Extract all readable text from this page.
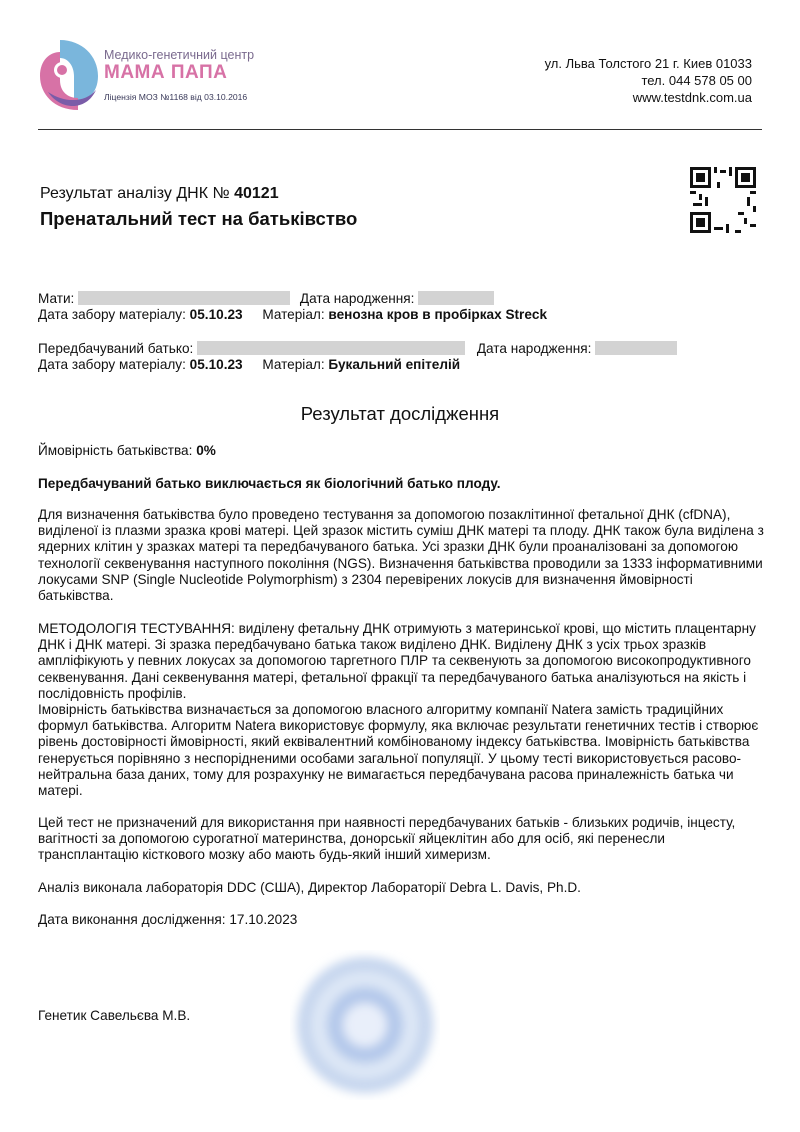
Медико-генетичний центр
МАМА ПАПА
Ліцензія МОЗ №1168 від 03.10.2016
ул. Льва Толстого 21 г. Киев 01033
тел. 044 578 05 00
www.testdnk.com.ua
Результат аналізу ДНК № 40121
Пренатальний тест на батьківство
Мати:	Дата народження:
Дата забору матеріалу: 05.10.23 Матеріал: венозна кров в пробірках Streck
Передбачуваний батько:	Дата народження:
Дата забору матеріалу: 05.10.23 Матеріал: Букальний епітелій
Результат дослідження
Ймовірність батьківства: 0%
Передбачуваний батько виключається як біологічний батько плоду.

Для визначення батьківства було проведено тестування за допомогою позаклітинної фетальної ДНК (cfDNA), виділеної із плазми зразка крові матері. Цей зразок містить суміш ДНК матері та плоду. ДНК також була виділена з ядерних клітин у зразках матері та передбачуваного батька. Усі зразки ДНК були проаналізовані за допомогою технології секвенування наступного покоління (NGS). Визначення батьківства проводили за 1333 інформативними локусами SNP (Single Nucleotide Polymorphism) з 2304 перевірених локусів для визначення ймовірності батьківства.

МЕТОДОЛОГІЯ ТЕСТУВАННЯ: виділену фетальну ДНК отримують з материнської крові, що містить плацентарну ДНК і ДНК матері. Зі зразка передбачувано батька також виділено ДНК. Виділену ДНК з усіх трьох зразків ампліфікують у певних локусах за допомогою таргетного ПЛР та секвенують за допомогою високопродуктивного секвенування. Дані секвенування матері, фетальної фракції та передбачуваного батька аналізуються на якість і послідовність профілів.

Імовірність батьківства визначається за допомогою власного алгоритму компанії Natera замість традиційних формул батьківства. Алгоритм Natera використовує формулу, яка включає результати генетичних тестів і створює рівень достовірності ймовірності, який еквівалентний комбінованому індексу батьківства. Імовірність батьківства генерується порівняно з неспорідненими особами загальної популяції. У цьому тесті використовується расово-нейтральна база даних, тому для розрахунку не вимагається передбачувана расова приналежність батька чи матері.

Цей тест не призначений для використання при наявності передбачуваних батьків - близьких родичів, інцесту, вагітності за допомогою сурогатної материнства, донорськії яйцеклітин або для осіб, які перенесли трансплантацію кісткового мозку або мають будь-який інший химеризм.

Аналіз виконала лабораторія DDC (США), Директор Лабораторії Debra L. Davis, Ph.D.
Дата виконання дослідження: 17.10.2023
Генетик Савельєва М.В.
